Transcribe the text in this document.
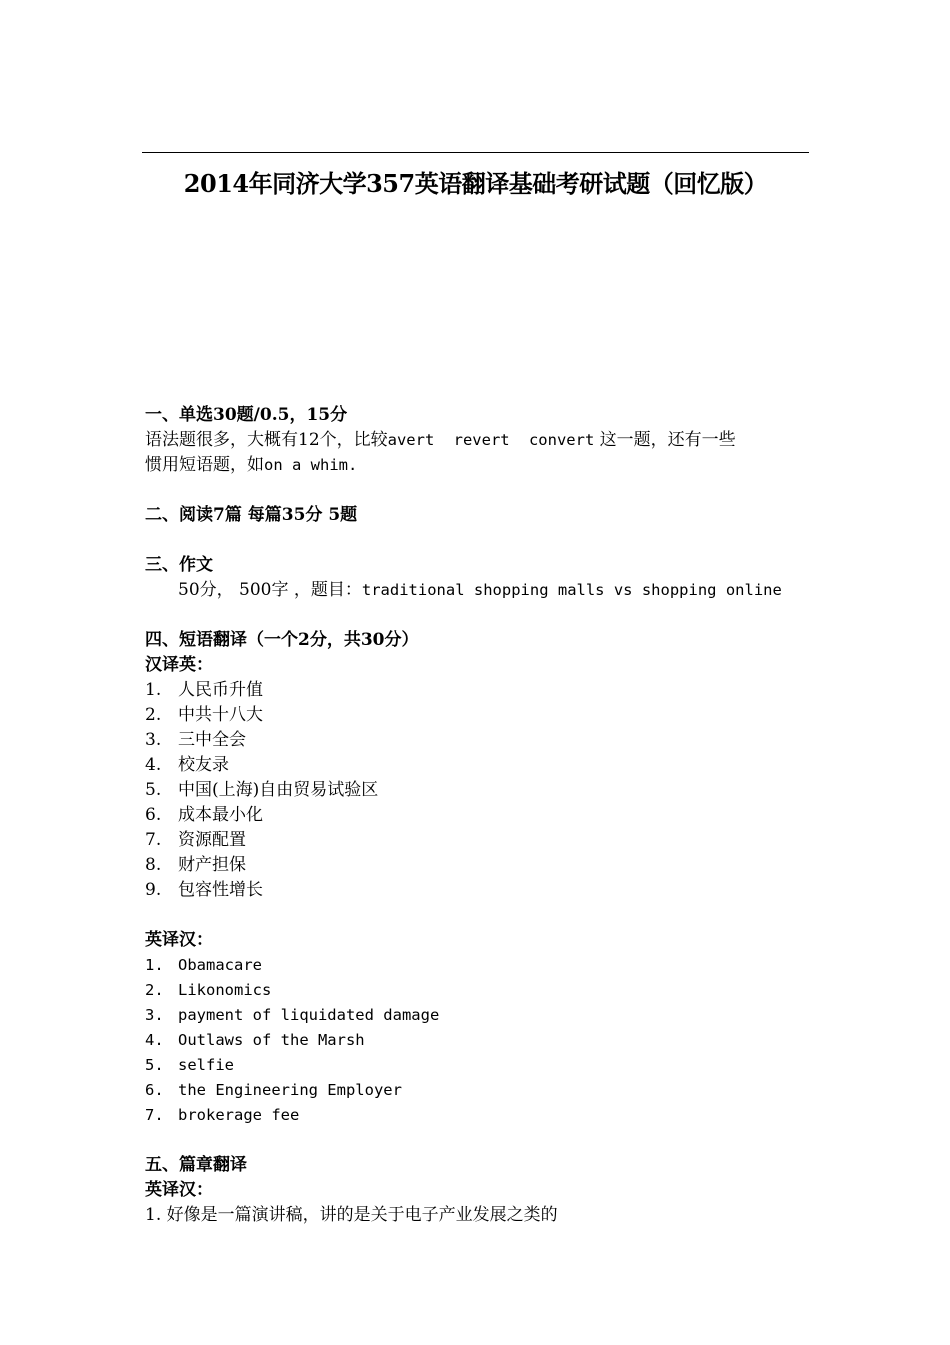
2014年同济大学357英语翻译基础考研试题（回忆版）
一、单选30题/0.5，15分
语法题很多，大概有12个，比较avert revert convert 这一题，还有一些
惯用短语题，如on a whim.
二、阅读7篇 每篇35分 5题
三、作文
50分， 500字 ，题目：traditional shopping malls vs shopping online
四、短语翻译（一个2分，共30分）
汉译英：
1. 人民币升值
2. 中共十八大
3. 三中全会
4. 校友录
5. 中国(上海)自由贸易试验区
6. 成本最小化
7. 资源配置
8. 财产担保
9. 包容性增长
英译汉：
1. Obamacare
2. Likonomics
3. payment of liquidated damage
4. Outlaws of the Marsh
5. selfie
6. the Engineering Employer
7. brokerage fee
五、篇章翻译
英译汉：
1. 好像是一篇演讲稿，讲的是关于电子产业发展之类的
